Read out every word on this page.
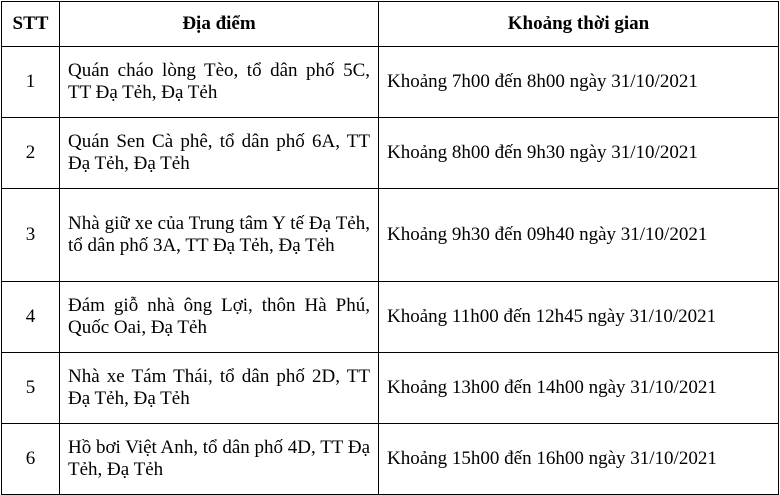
STT	Địa điểm	Khoảng thời gian
1	Quán cháo lòng Tèo, tổ dân phố 5C, TT Đạ Tẻh, Đạ Tẻh	Khoảng 7h00 đến 8h00 ngày 31/10/2021
2	Quán Sen Cà phê, tổ dân phố 6A, TT Đạ Tẻh, Đạ Tẻh	Khoảng 8h00 đến 9h30 ngày 31/10/2021
3	Nhà giữ xe của Trung tâm Y tế Đạ Tẻh, tổ dân phố 3A, TT Đạ Tẻh, Đạ Tẻh	Khoảng 9h30 đến 09h40 ngày 31/10/2021
4	Đám giỗ nhà ông Lợi, thôn Hà Phú, Quốc Oai, Đạ Tẻh	Khoảng 11h00 đến 12h45 ngày 31/10/2021
5	Nhà xe Tám Thái, tổ dân phố 2D, TT Đạ Tẻh, Đạ Tẻh	Khoảng 13h00 đến 14h00 ngày 31/10/2021
6	Hồ bơi Việt Anh, tổ dân phố 4D, TT Đạ Tẻh, Đạ Tẻh	Khoảng 15h00 đến 16h00 ngày 31/10/2021
